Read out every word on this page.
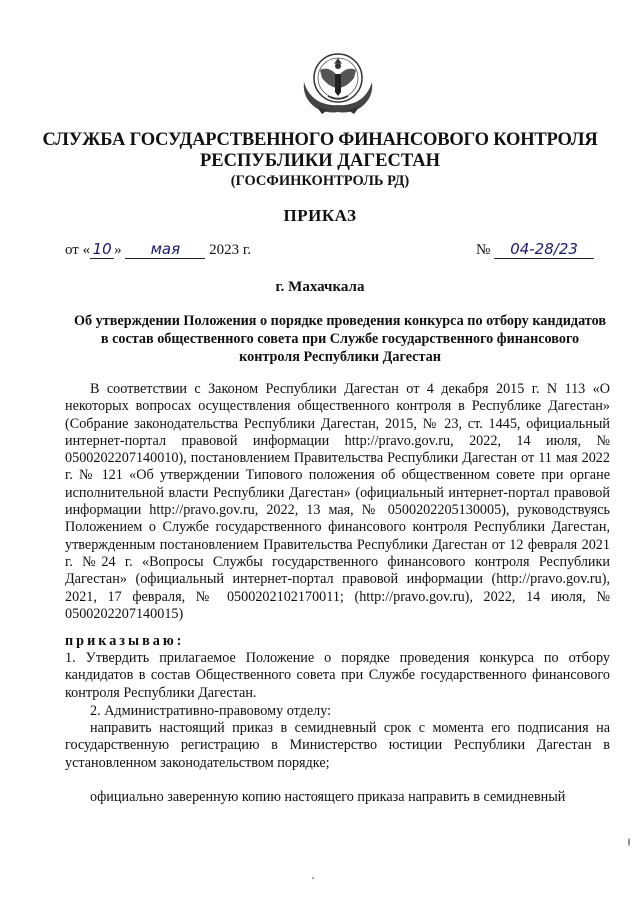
СЛУЖБА ГОСУДАРСТВЕННОГО ФИНАНСОВОГО КОНТРОЛЯ
РЕСПУБЛИКИ ДАГЕСТАН
(ГОСФИНКОНТРОЛЬ РД)
ПРИКАЗ
от « 10 » мая 2023 г.	№ 04-28/23
г. Махачкала
Об утверждении Положения о порядке проведения конкурса по отбору кандидатов в состав общественного совета при Службе государственного финансового контроля Республики Дагестан
В соответствии с Законом Республики Дагестан от 4 декабря 2015 г. N 113 «О некоторых вопросах осуществления общественного контроля в Республике Дагестан» (Собрание законодательства Республики Дагестан, 2015, № 23, ст. 1445, официальный интернет-портал правовой информации http://pravo.gov.ru, 2022, 14 июля, № 0500202207140010), постановлением Правительства Республики Дагестан от 11 мая 2022 г. № 121 «Об утверждении Типового положения об общественном совете при органе исполнительной власти Республики Дагестан» (официальный интернет-портал правовой информации http://pravo.gov.ru, 2022, 13 мая, № 0500202205130005), руководствуясь Положением о Службе государственного финансового контроля Республики Дагестан, утвержденным постановлением Правительства Республики Дагестан от 12 февраля 2021 г. №24 г. «Вопросы Службы государственного финансового контроля Республики Дагестан» (официальный интернет-портал правовой информации (http://pravo.gov.ru), 2021, 17 февраля, № 0500202102170011; (http://pravo.gov.ru), 2022, 14 июля, № 0500202207140015)
приказываю:
1. Утвердить прилагаемое Положение о порядке проведения конкурса по отбору кандидатов в состав Общественного совета при Службе государственного финансового контроля Республики Дагестан.
2. Административно-правовому отделу:
направить настоящий приказ в семидневный срок с момента его подписания на государственную регистрацию в Министерство юстиции Республики Дагестан в установленном законодательством порядке;
официально заверенную копию настоящего приказа направить в семидневный
